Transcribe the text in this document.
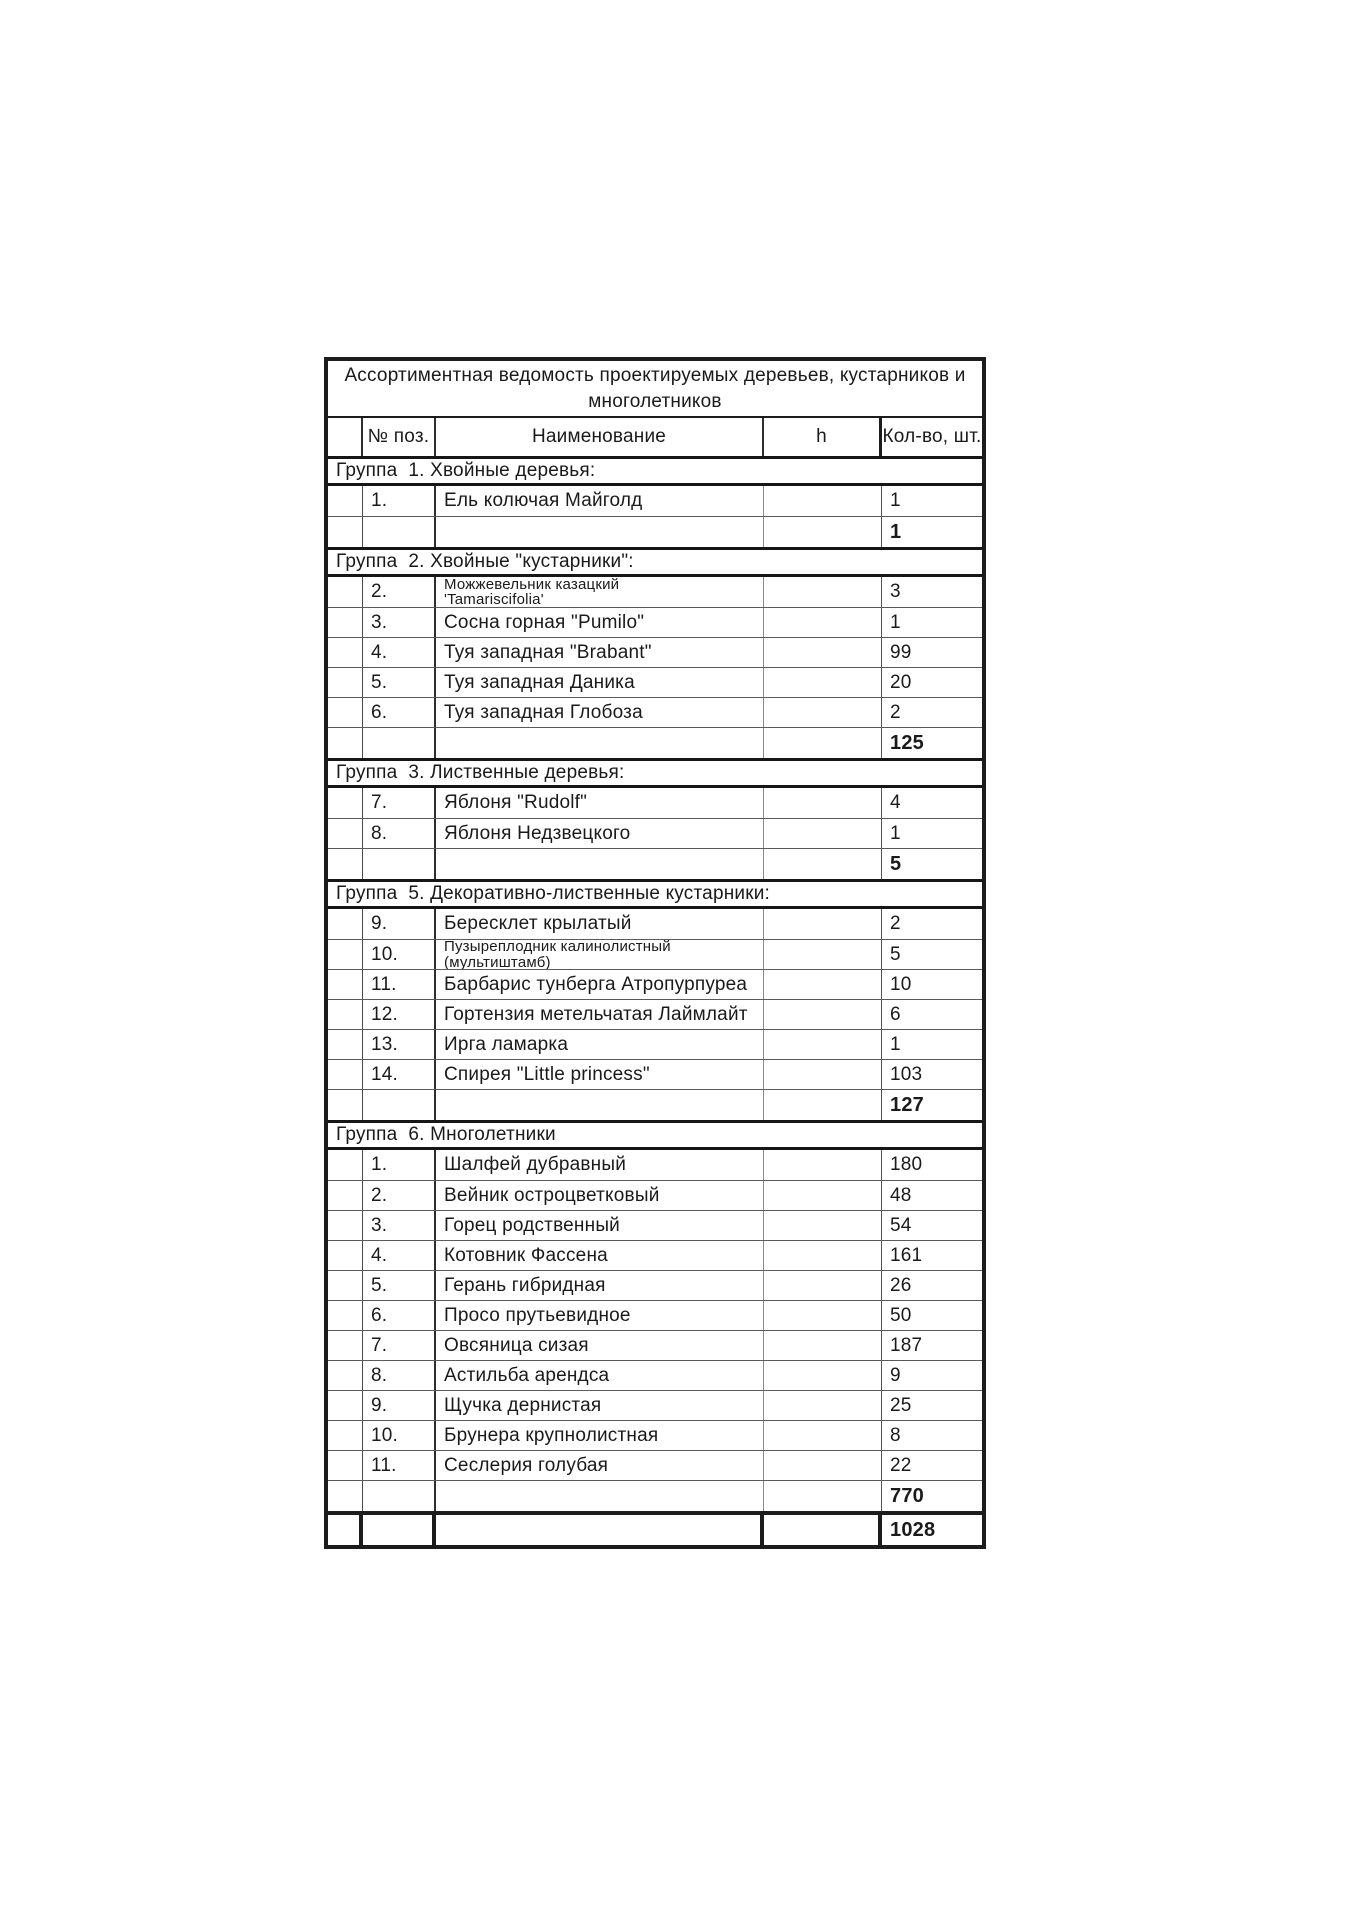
Ассортиментная ведомость проектируемых деревьев, кустарников и многолетников
№ поз.	Наименование	h	Кол-во, шт.
Группа  1. Хвойные деревья:
1.	Ель колючая Майголд	1
1
Группа  2. Хвойные "кустарники":
2.	Можжевельник казацкий
'Tamariscifolia'	3
3.	Сосна горная "Pumilo"	1
4.	Туя западная "Brabant"	99
5.	Туя западная Даника	20
6.	Туя западная Глобоза	2
125
Группа  3. Лиственные деревья:
7.	Яблоня "Rudolf"	4
8.	Яблоня Недзвецкого	1
5
Группа  5. Декоративно-лиственные кустарники:
9.	Бересклет крылатый	2
10.	Пузыреплодник калинолистный
(мультиштамб)	5
11.	Барбарис тунберга Атропурпуреа	10
12.	Гортензия метельчатая Лаймлайт	6
13.	Ирга ламарка	1
14.	Спирея "Little princess"	103
127
Группа  6. Многолетники
1.	Шалфей дубравный	180
2.	Вейник остроцветковый	48
3.	Горец родственный	54
4.	Котовник Фассена	161
5.	Герань гибридная	26
6.	Просо прутьевидное	50
7.	Овсяница сизая	187
8.	Астильба арендса	9
9.	Щучка дернистая	25
10.	Брунера крупнолистная	8
11.	Сеслерия голубая	22
770
1028
